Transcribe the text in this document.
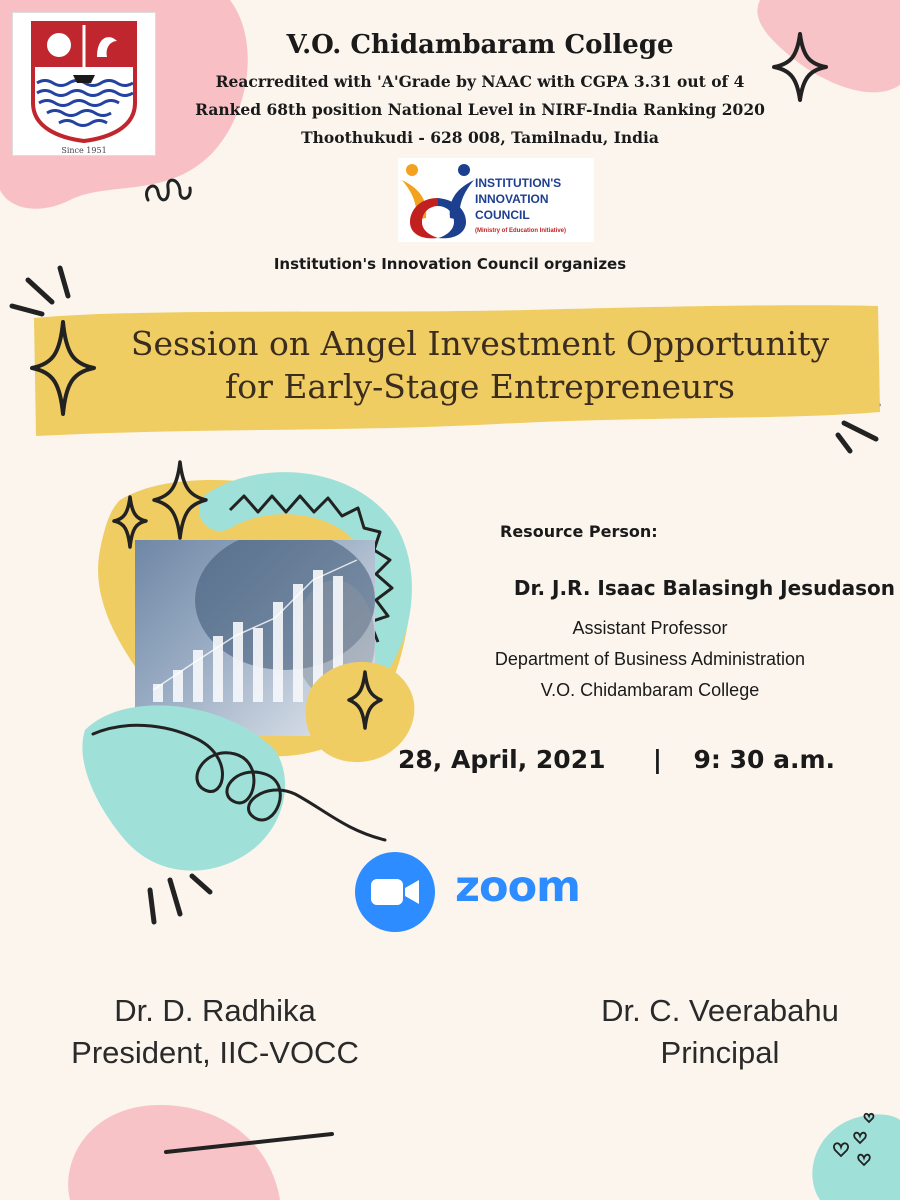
Since 1951
V.O. Chidambaram College
Reacrredited with 'A'Grade by NAAC with CGPA 3.31 out of 4
Ranked 68th position National Level in NIRF-India Ranking 2020
Thoothukudi - 628 008, Tamilnadu, India
INSTITUTION'S
INNOVATION
COUNCIL
(Ministry of Education Initiative)
Institution's Innovation Council organizes
Session on Angel Investment Opportunity
for Early-Stage Entrepreneurs
Resource Person:
Dr. J.R. Isaac Balasingh Jesudason
Assistant Professor
Department of Business Administration
V.O. Chidambaram College
28, April, 2021 | 9: 30 a.m.
zoom
Dr. D. Radhika
President, IIC-VOCC
Dr. C. Veerabahu
Principal
